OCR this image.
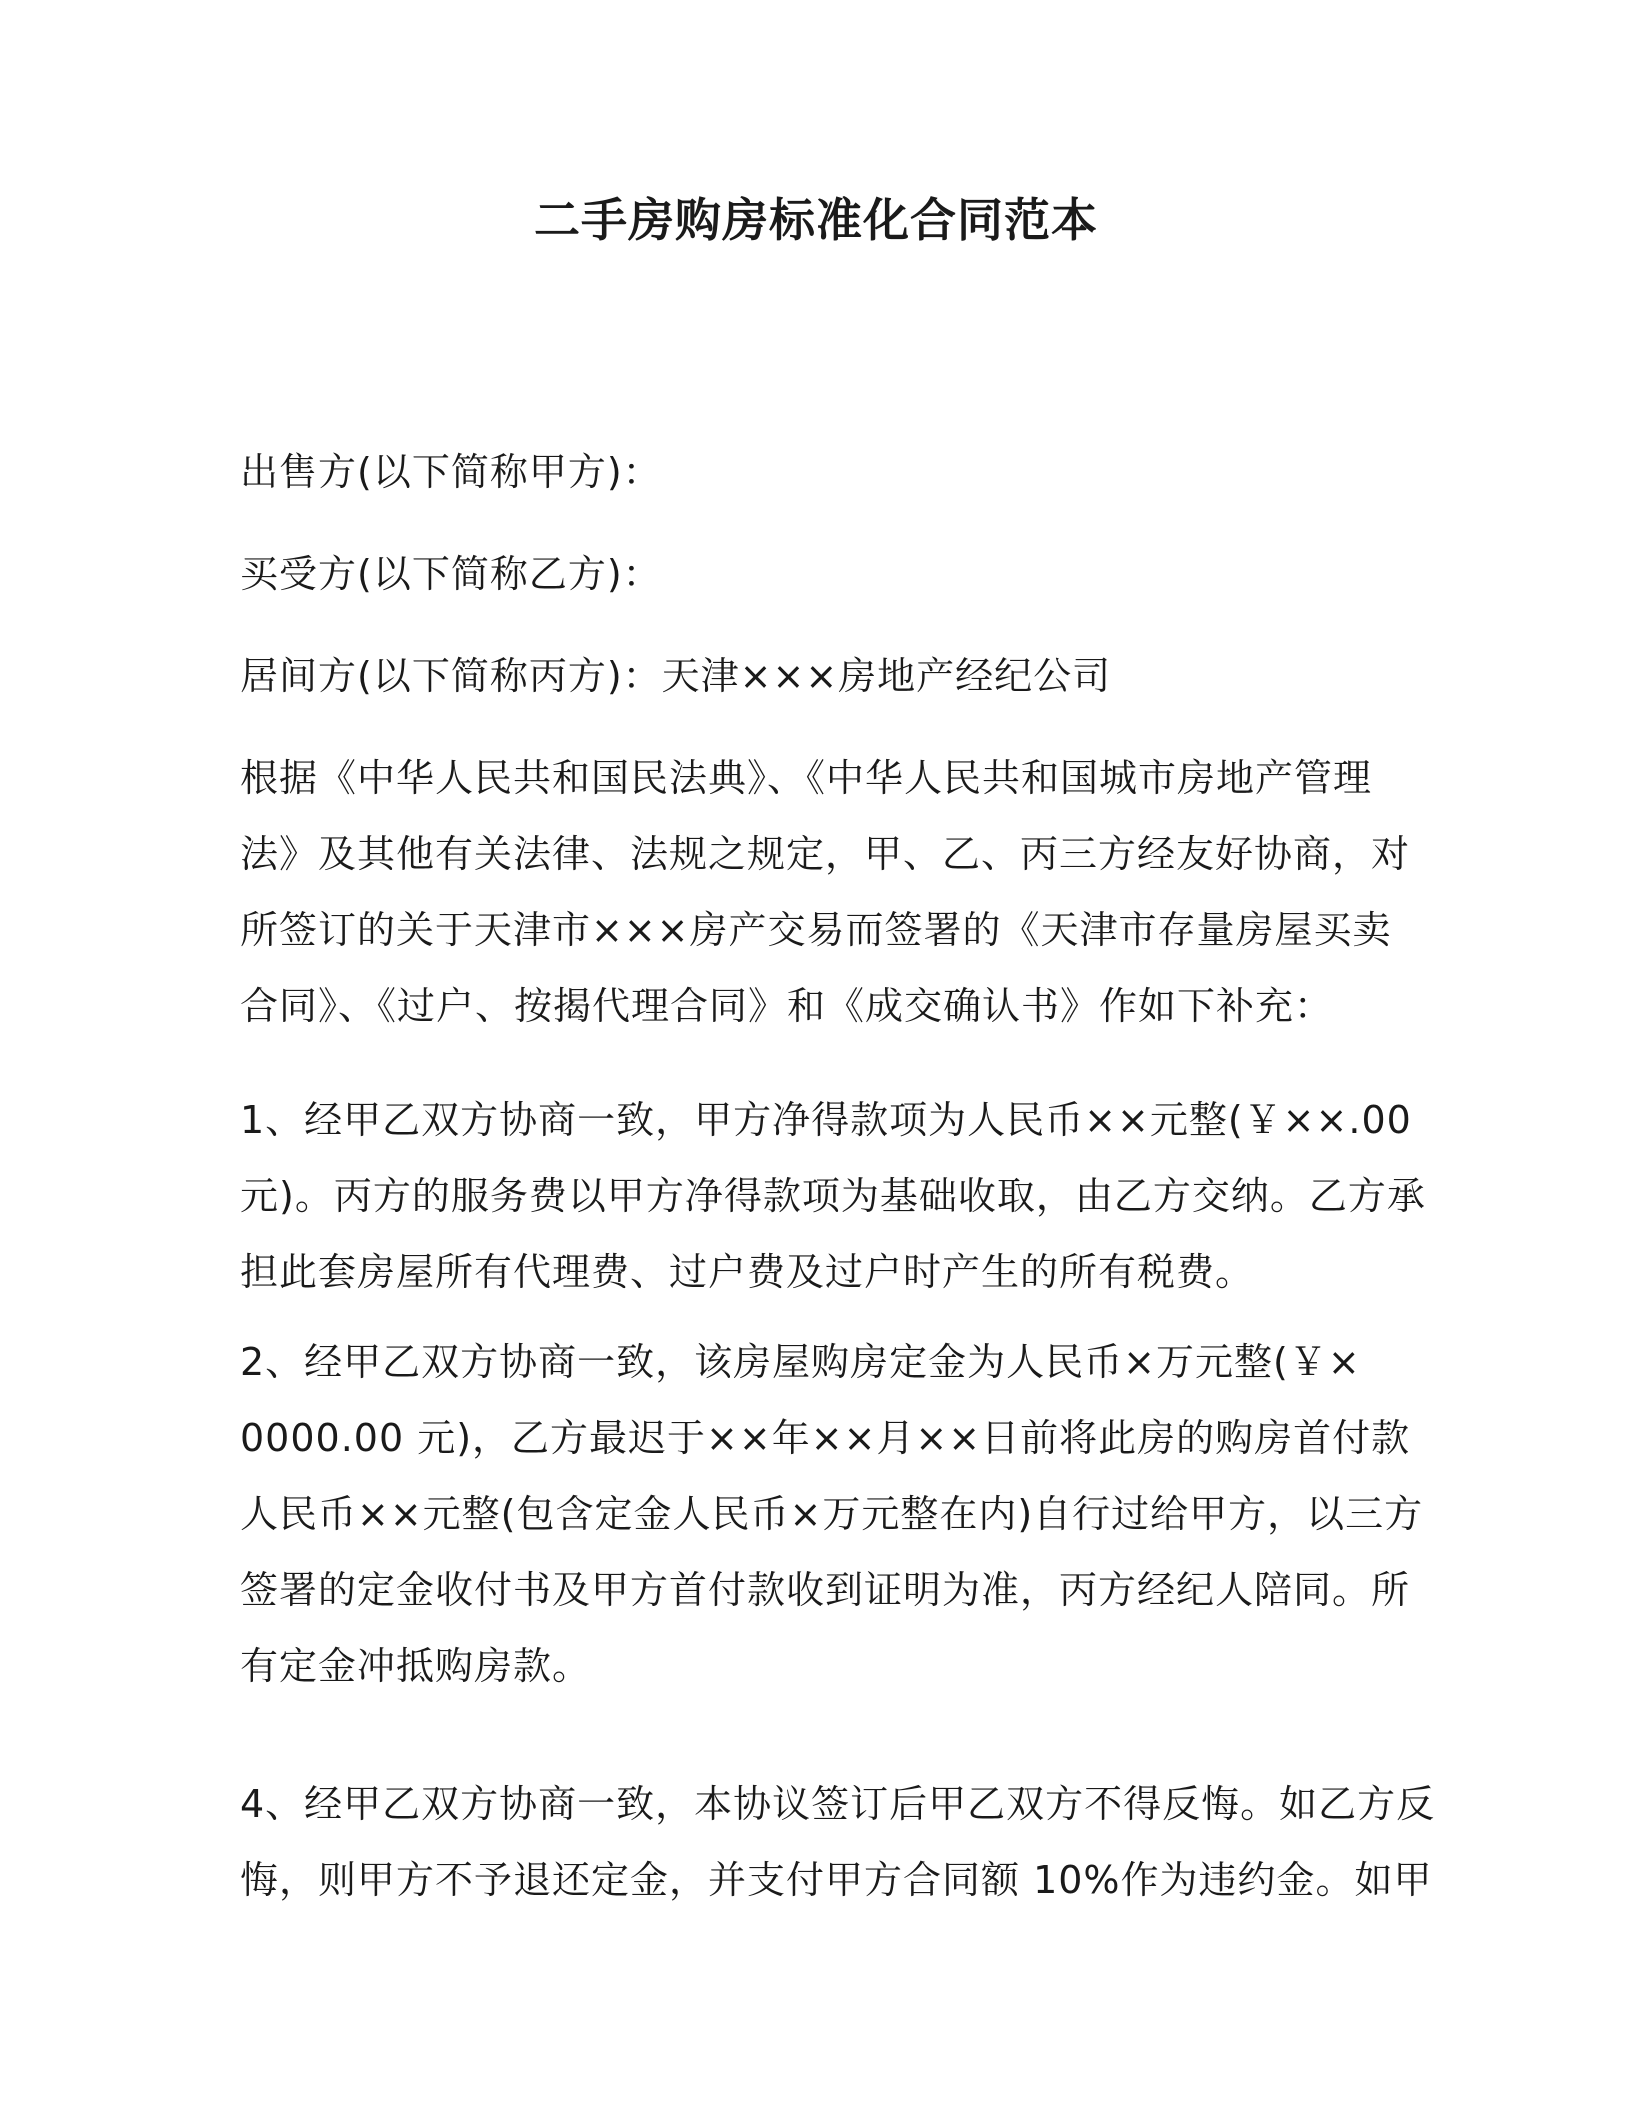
二手房购房标准化合同范本
出售方(以下简称甲方)：
买受方(以下简称乙方)：
居间方(以下简称丙方)：天津×××房地产经纪公司
根据《中华人民共和国民法典》、《中华人民共和国城市房地产管理
法》及其他有关法律、法规之规定，甲、乙、丙三方经友好协商，对
所签订的关于天津市×××房产交易而签署的《天津市存量房屋买卖
合同》、《过户、按揭代理合同》和《成交确认书》作如下补充：
1、经甲乙双方协商一致，甲方净得款项为人民币××元整(￥××.00
元)。丙方的服务费以甲方净得款项为基础收取，由乙方交纳。乙方承
担此套房屋所有代理费、过户费及过户时产生的所有税费。
2、经甲乙双方协商一致，该房屋购房定金为人民币×万元整(￥×
0000.00 元)，乙方最迟于××年××月××日前将此房的购房首付款
人民币××元整(包含定金人民币×万元整在内)自行过给甲方，以三方
签署的定金收付书及甲方首付款收到证明为准，丙方经纪人陪同。所
有定金冲抵购房款。
4、经甲乙双方协商一致，本协议签订后甲乙双方不得反悔。如乙方反
悔，则甲方不予退还定金，并支付甲方合同额 10%作为违约金。如甲
